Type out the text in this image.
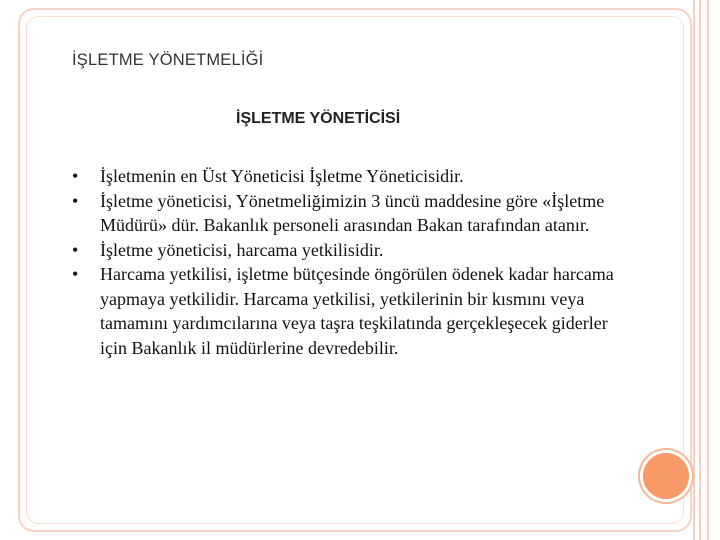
İŞLETME YÖNETMELİĞİ
İŞLETME YÖNETİCİSİ
• İşletmenin en Üst Yöneticisi İşletme Yöneticisidir.
• İşletme yöneticisi, Yönetmeliğimizin 3 üncü maddesine göre «İşletme Müdürü» dür. Bakanlık personeli arasından Bakan tarafından atanır.
• İşletme yöneticisi, harcama yetkilisidir.
• Harcama yetkilisi, işletme bütçesinde öngörülen ödenek kadar harcama yapmaya yetkilidir. Harcama yetkilisi, yetkilerinin bir kısmını veya tamamını yardımcılarına veya taşra teşkilatında gerçekleşecek giderler için Bakanlık il müdürlerine devredebilir.
